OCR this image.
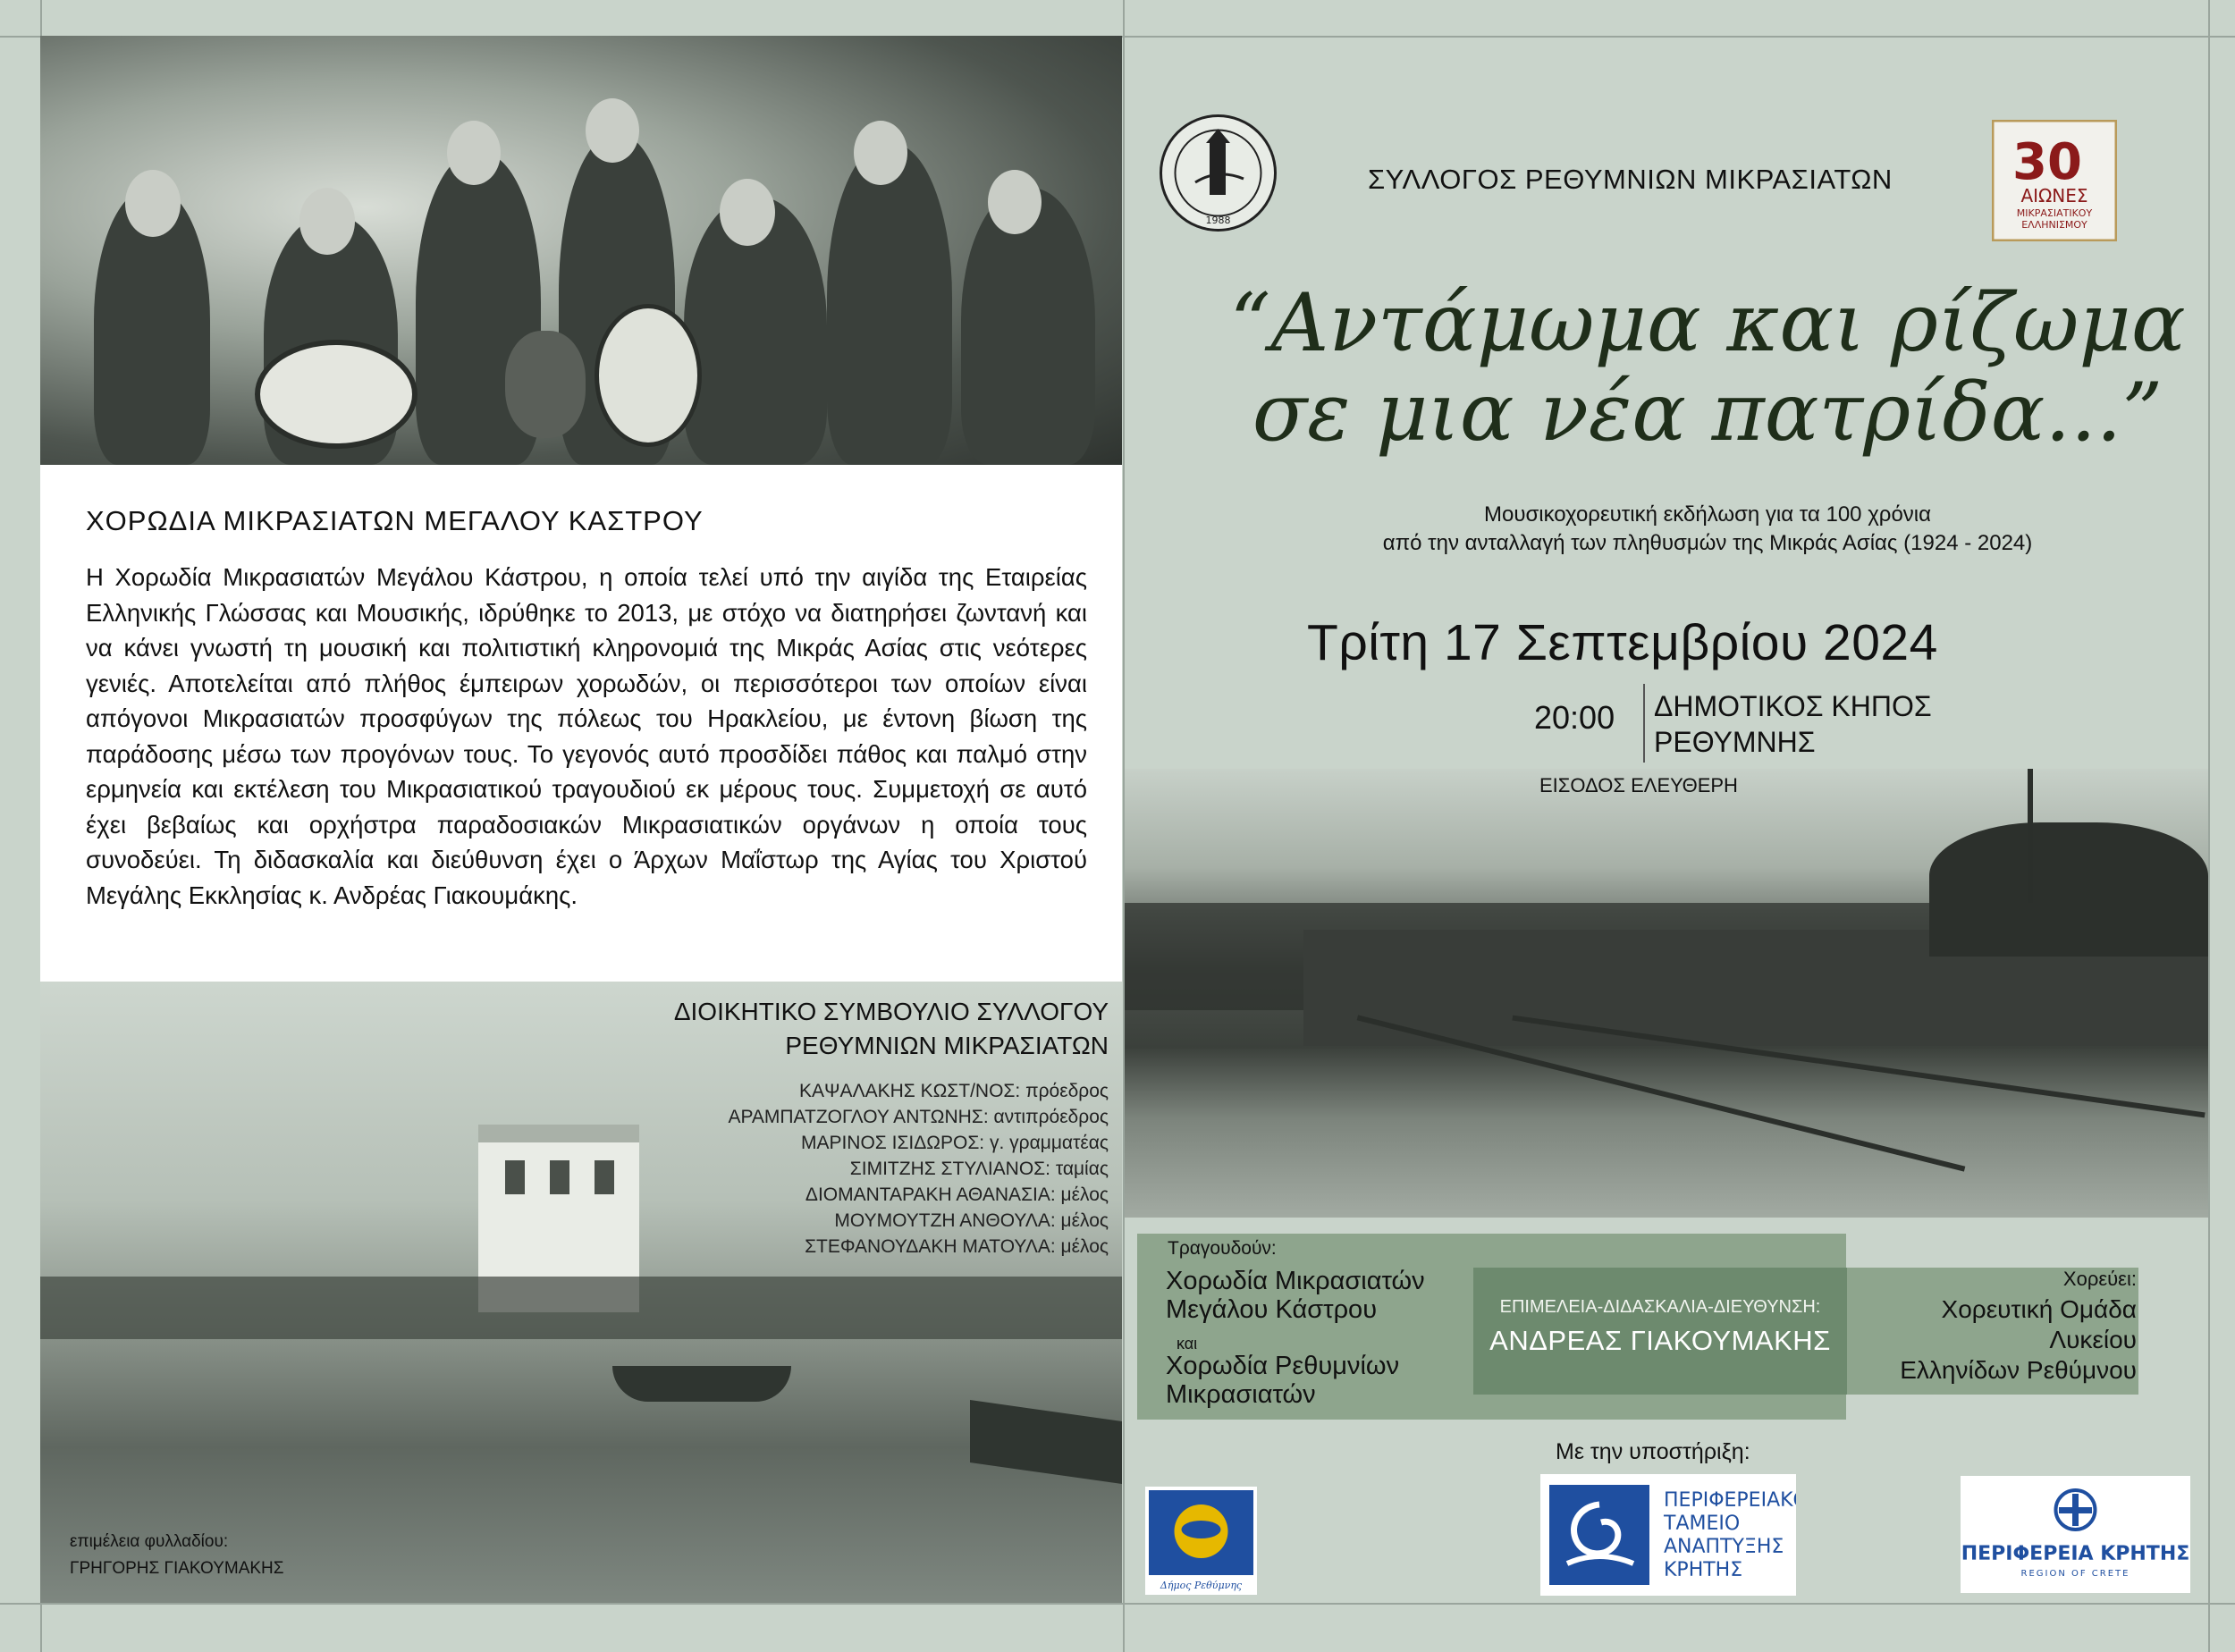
ΧΟΡΩΔΙΑ ΜΙΚΡΑΣΙΑΤΩΝ ΜΕΓΑΛΟΥ ΚΑΣΤΡΟΥ
Η Χορωδία Μικρασιατών Μεγάλου Κάστρου, η οποία τελεί υπό την αιγίδα της Εταιρείας Ελληνικής Γλώσσας και Μουσικής, ιδρύθηκε το 2013, με στόχο να διατηρήσει ζωντανή και να κάνει γνωστή τη μουσική και πολιτιστική κληρονομιά της Μικράς Ασίας στις νεότερες γενιές. Αποτελείται από πλήθος έμπειρων χορωδών, οι περισσότεροι των οποίων είναι απόγονοι Μικρασιατών προσφύγων της πόλεως του Ηρακλείου, με έντονη βίωση της παράδοσης μέσω των προγόνων τους. Το γεγονός αυτό προσδίδει πάθος και παλμό στην ερμηνεία και εκτέλεση του Μικρασιατικού τραγουδιού εκ μέρους τους. Συμμετοχή σε αυτό έχει βεβαίως και ορχήστρα παραδοσιακών Μικρασιατικών οργάνων η οποία τους συνοδεύει. Τη διδασκαλία και διεύθυνση έχει ο Άρχων Μαΐστωρ της Αγίας του Χριστού Μεγάλης Εκκλησίας κ. Ανδρέας Γιακουμάκης.
ΔΙΟΙΚΗΤΙΚΟ ΣΥΜΒΟΥΛΙΟ ΣΥΛΛΟΓΟΥ
ΡΕΘΥΜΝΙΩΝ ΜΙΚΡΑΣΙΑΤΩΝ
ΚΑΨΑΛΑΚΗΣ ΚΩΣΤ/ΝΟΣ: πρόεδρος
ΑΡΑΜΠΑΤΖΟΓΛΟΥ ΑΝΤΩΝΗΣ: αντιπρόεδρος
ΜΑΡΙΝΟΣ ΙΣΙΔΩΡΟΣ: γ. γραμματέας
ΣΙΜΙΤΖΗΣ ΣΤΥΛΙΑΝΟΣ: ταμίας
ΔΙΟΜΑΝΤΑΡΑΚΗ ΑΘΑΝΑΣΙΑ: μέλος
ΜΟΥΜΟΥΤΖΗ ΑΝΘΟΥΛΑ: μέλος
ΣΤΕΦΑΝΟΥΔΑΚΗ ΜΑΤΟΥΛΑ: μέλος
επιμέλεια φυλλαδίου:
ΓΡΗΓΟΡΗΣ ΓΙΑΚΟΥΜΑΚΗΣ
1988
ΣΥΛΛΟΓΟΣ ΡΕΘΥΜΝΙΩΝ ΜΙΚΡΑΣΙΑΤΩΝ 30
ΑΙΩΝΕΣ
ΜΙΚΡΑΣΙΑΤΙΚΟΥ
ΕΛΛΗΝΙΣΜΟΥ
“Αντάμωμα και ρίζωμα
σε μια νέα πατρίδα...”
Μουσικοχορευτική εκδήλωση για τα 100 χρόνια
από την ανταλλαγή των πληθυσμών της Μικράς Ασίας (1924 - 2024)
Τρίτη 17 Σεπτεμβρίου 2024
20:00 ΔΗΜΟΤΙΚΟΣ ΚΗΠΟΣ
ΡΕΘΥΜΝΗΣ
ΕΙΣΟΔΟΣ ΕΛΕΥΘΕΡΗ
Τραγουδούν:
Χορωδία Μικρασιατών
Μεγάλου Κάστρου
και
Χορωδία Ρεθυμνίων
Μικρασιατών
ΕΠΙΜΕΛΕΙΑ-ΔΙΔΑΣΚΑΛΙΑ-ΔΙΕΥΘΥΝΣΗ:
ΑΝΔΡΕΑΣ ΓΙΑΚΟΥΜΑΚΗΣ
Χορεύει:
Χορευτική Ομάδα
Λυκείου
Ελληνίδων Ρεθύμνου
Με την υποστήριξη:
Δήμος Ρεθύμνης
ΠΕΡΙΦΕΡΕΙΑΚΟ
ΤΑΜΕΙΟ
ΑΝΑΠΤΥΞΗΣ
ΚΡΗΤΗΣ
ΠΕΡΙΦΕΡΕΙΑ ΚΡΗΤΗΣ
REGION OF CRETE
